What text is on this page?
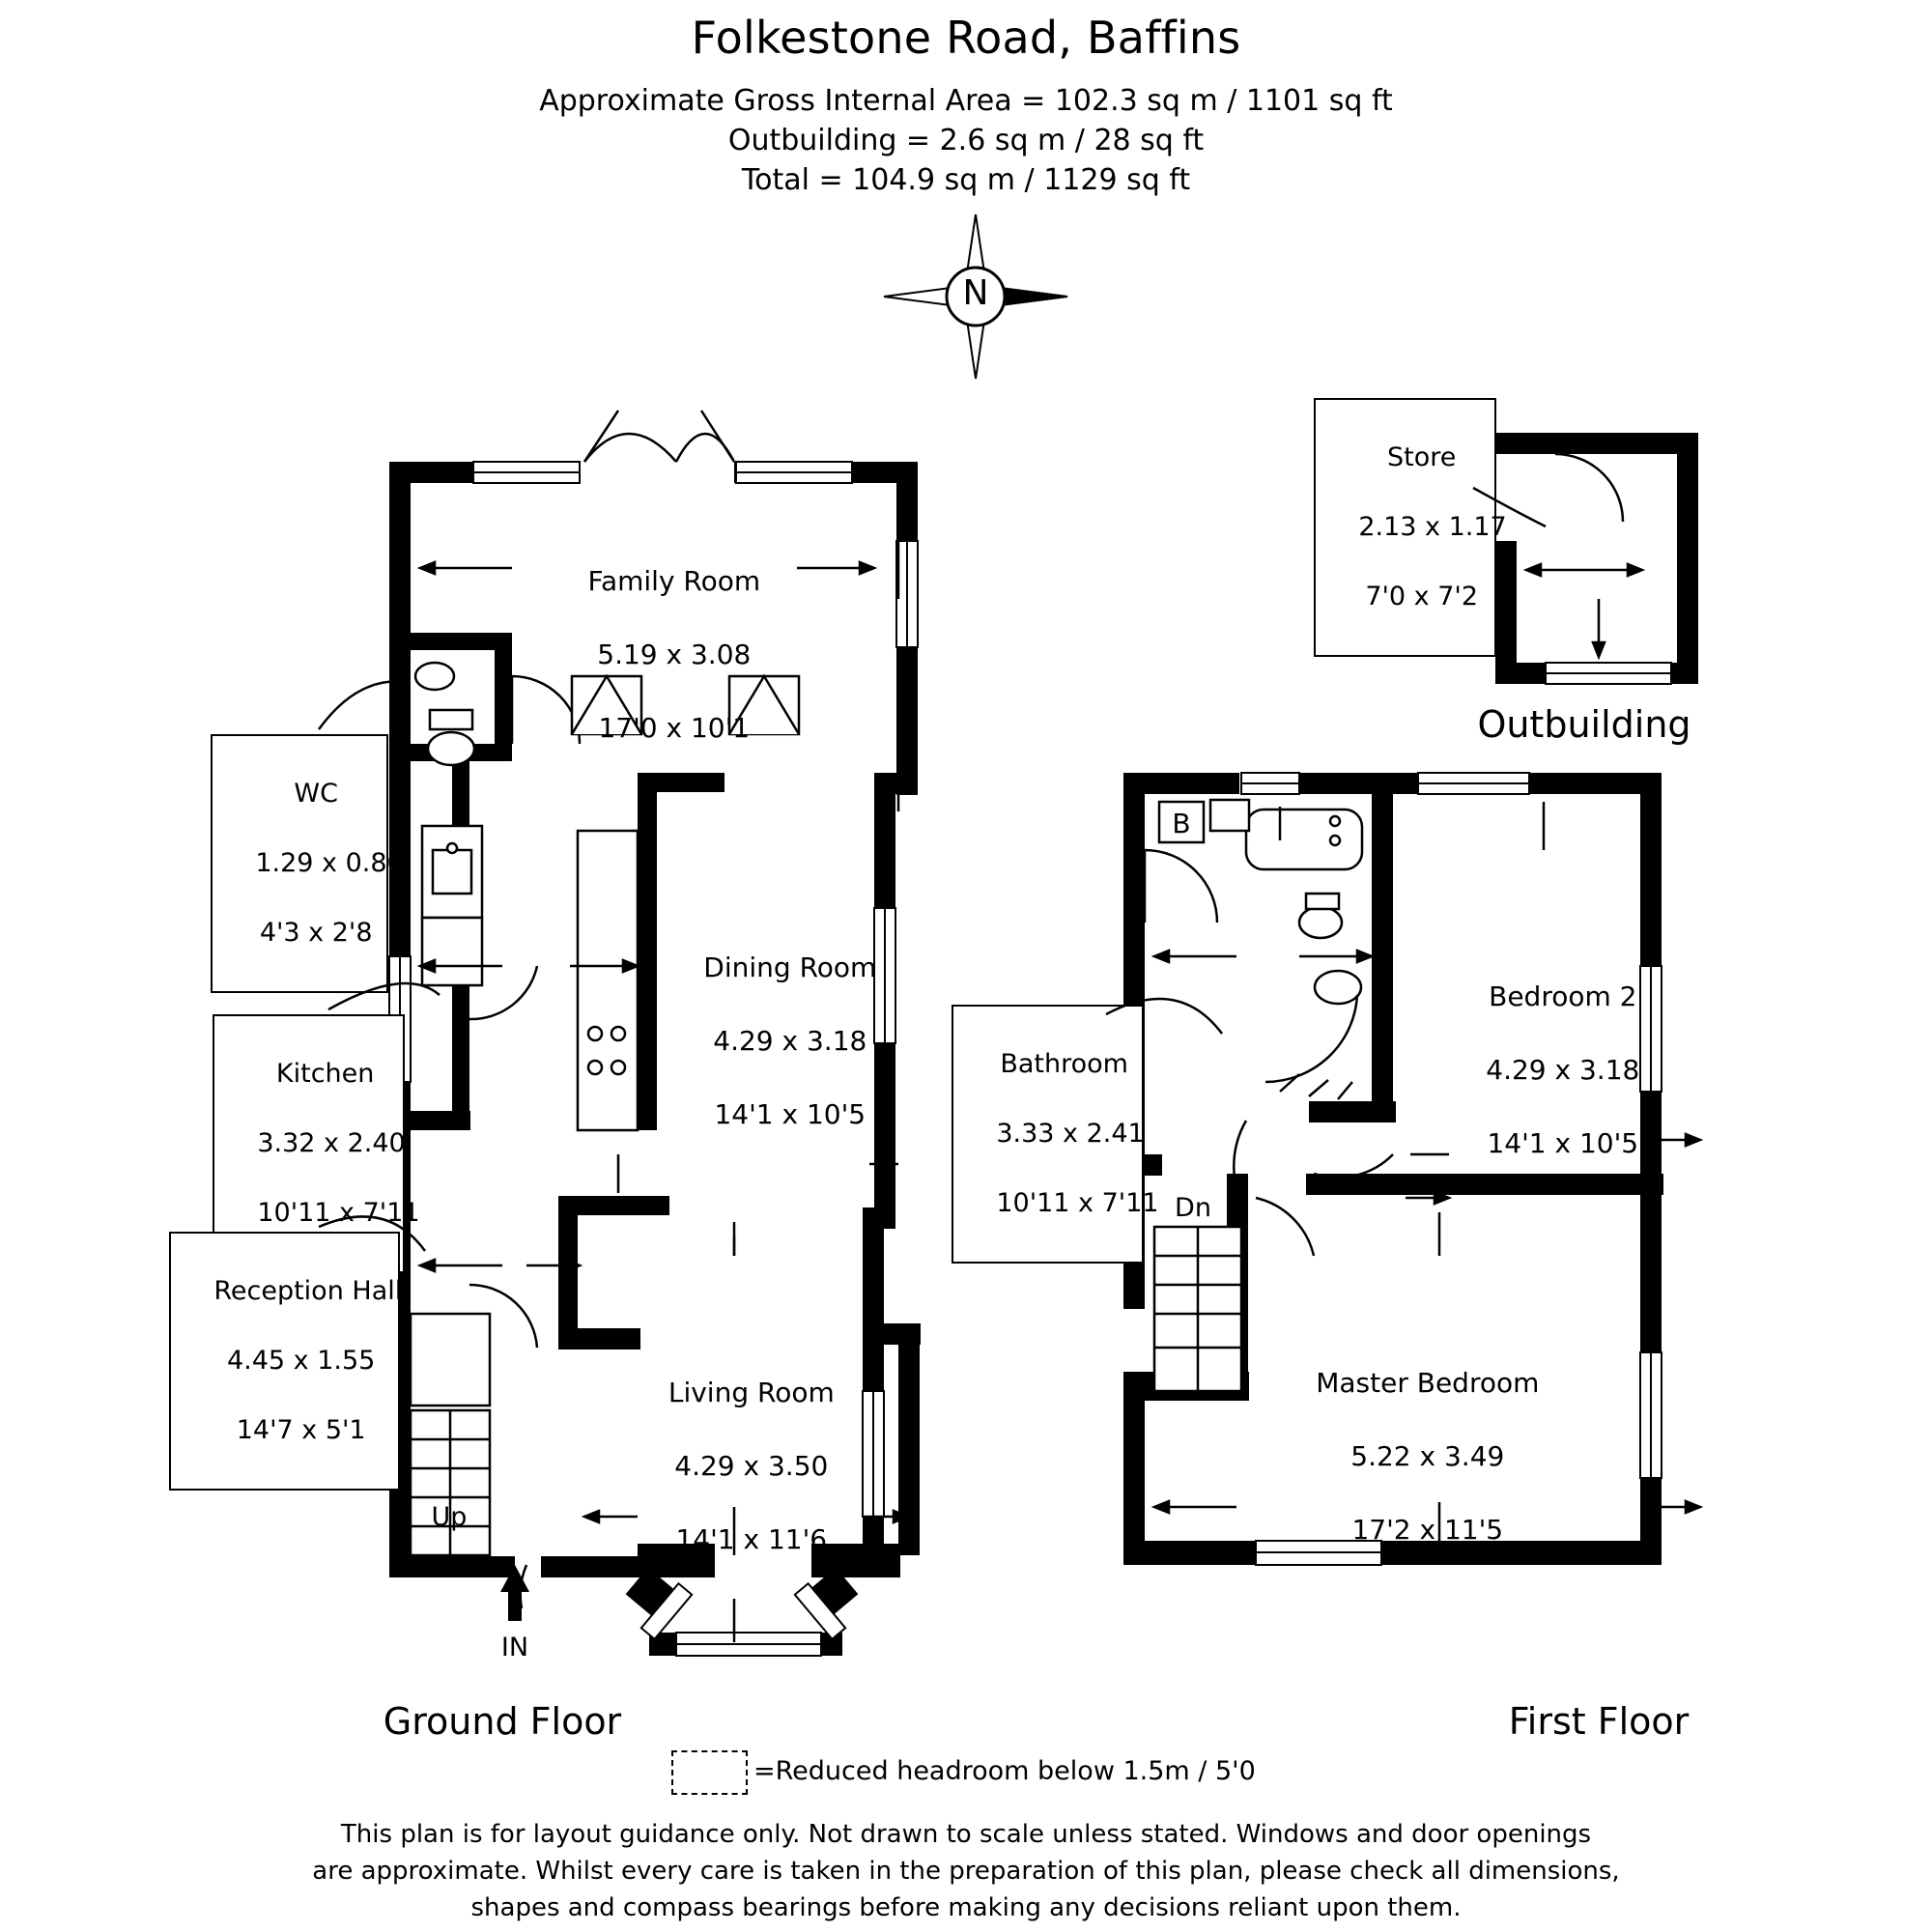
Folkestone Road, Baffins
Approximate Gross Internal Area = 102.3 sq m / 1101 sq ft
Outbuilding = 2.6 sq m / 28 sq ft
Total = 104.9 sq m / 1129 sq ft
N

Family Room

5.19 x 3.08

17'0 x 10'1

Dining Room

4.29 x 3.18

14'1 x 10'5

Living Room

4.29 x 3.50

14'1 x 11'6

Bedroom 2

4.29 x 3.18

14'1 x 10'5

Master Bedroom

5.22 x 3.49

17'2 x 11'5

WC

1.29 x 0.80

4'3 x 2'8

Kitchen

3.32 x 2.40

10'11 x 7'11

Reception Hall

4.45 x 1.55

14'7 x 5'1

Bathroom

3.33 x 2.41

10'11 x 7'11

Store

2.13 x 1.17

7'0 x 7'2

IN
Up
Dn
B
Ground Floor	First Floor
Outbuilding
=Reduced headroom below 1.5m / 5'0
This plan is for layout guidance only. Not drawn to scale unless stated. Windows and door openings
are approximate. Whilst every care is taken in the preparation of this plan, please check all dimensions,
shapes and compass bearings before making any decisions reliant upon them.
